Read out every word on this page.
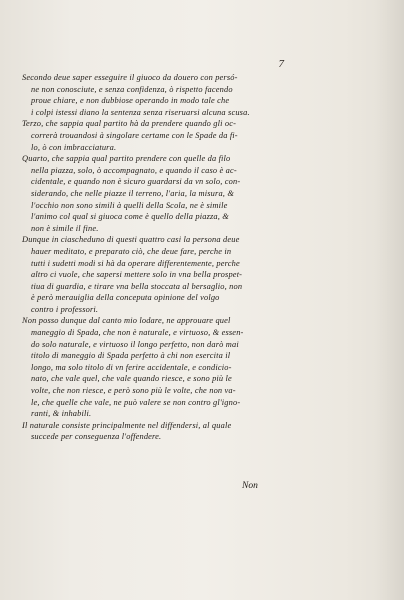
7
Secondo deue saper esseguire il giuoco da douero con persó-
ne non conosciute, e senza confidenza, ò rispetto facendo
proue chiare, e non dubbiose operando in modo tale che
i colpi istessi diano la sentenza senza riseruarsi alcuna scusa.
Terzo, che sappia qual partito hà da prendere quando gli oc-
correrà trouandosi à singolare certame con le Spade da fi-
lo, ò con imbracciatura.
Quarto, che sappia qual partito prendere con quelle da filo
nella piazza, solo, ò accompagnato, e quando il caso è ac-
cidentale, e quando non è sicuro guardarsi da vn solo, con-
siderando, che nelle piazze il terreno, l'aria, la misura, &
l'occhio non sono simili à quelli della Scola, ne è simile
l'animo col qual si giuoca come è quello della piazza, &
non è simile il fine.
Dunque in ciascheduno di questi quattro casi la persona deue
hauer meditato, e preparato ciò, che deue fare, perche in
tutti i sudetti modi si hà da operare differentemente, perche
altro ci vuole, che sapersi mettere solo in vna bella prospet-
tiua di guardia, e tirare vna bella stoccata al bersaglio, non
è però merauiglia della conceputa opinione del volgo
contro i professori.
Non posso dunque dal canto mio lodare, ne approuare quel
maneggio di Spada, che non è naturale, e virtuoso, & essen-
do solo naturale, e virtuoso il longo perfetto, non darò mai
titolo di maneggio di Spada perfetto à chi non esercita il
longo, ma solo titolo di vn ferire accidentale, e condicio-
nato, che vale quel, che vale quando riesce, e sono più le
volte, che non riesce, e però sono più le volte, che non va-
le, che quelle che vale, ne può valere se non contro gl'igno-
ranti, & inhabili.
Il naturale consiste principalmente nel diffendersi, al quale
succede per conseguenza l'offendere.
Non
